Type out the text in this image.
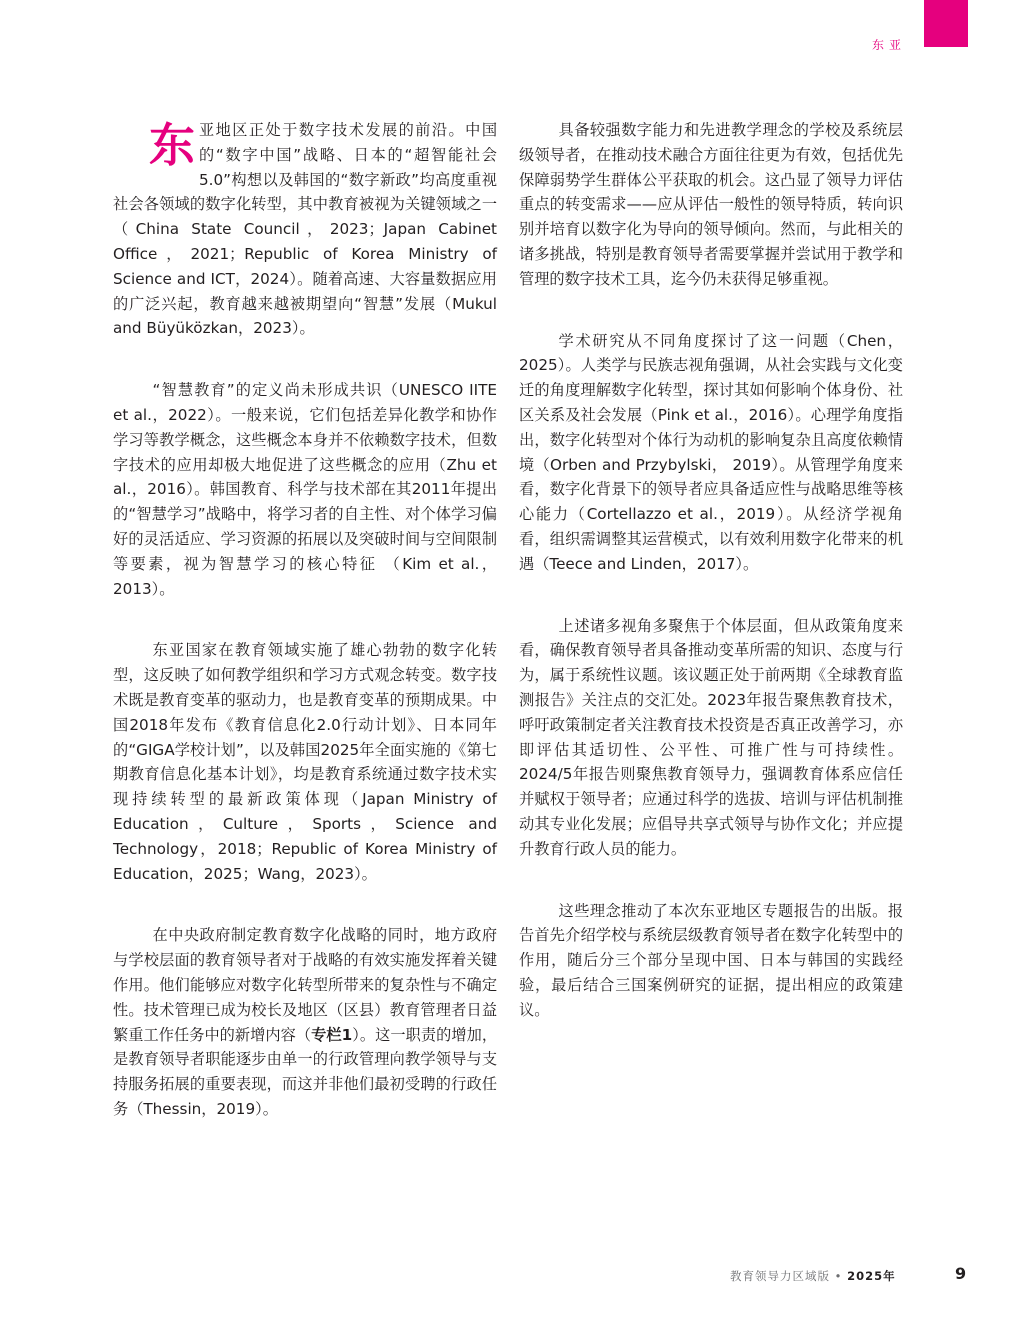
东亚

东亚地区正处于数字技术发展的前沿。中国的“数字中国”战略、日本的“超智能社会5.0”构想以及韩国的“数字新政”均高度重视社会各领域的数字化转型，其中教育被视为关键领域之一（China State Council，2023；Japan Cabinet Office，2021；Republic of Korea Ministry of Science and ICT，2024）。随着高速、大容量数据应用的广泛兴起，教育越来越被期望向“智慧”发展（Mukul and Büyüközkan，2023）。

“智慧教育”的定义尚未形成共识（UNESCO IITE et al.，2022）。一般来说，它们包括差异化教学和协作学习等教学概念，这些概念本身并不依赖数字技术，但数字技术的应用却极大地促进了这些概念的应用（Zhu et al.，2016）。韩国教育、科学与技术部在其2011年提出的“智慧学习”战略中，将学习者的自主性、对个体学习偏好的灵活适应、学习资源的拓展以及突破时间与空间限制等要素，视为智慧学习的核心特征 （Kim et al.，2013）。

东亚国家在教育领域实施了雄心勃勃的数字化转型，这反映了如何教学组织和学习方式观念转变。数字技术既是教育变革的驱动力，也是教育变革的预期成果。中国2018年发布《教育信息化2.0行动计划》、日本同年的“GIGA学校计划”，以及韩国2025年全面实施的《第七期教育信息化基本计划》，均是教育系统通过数字技术实现持续转型的最新政策体现（Japan Ministry of Education，Culture，Sports，Science and Technology，2018；Republic of Korea Ministry of Education，2025；Wang，2023）。

在中央政府制定教育数字化战略的同时，地方政府与学校层面的教育领导者对于战略的有效实施发挥着关键作用。他们能够应对数字化转型所带来的复杂性与不确定性。技术管理已成为校长及地区（区县）教育管理者日益繁重工作任务中的新增内容（专栏1）。这一职责的增加，是教育领导者职能逐步由单一的行政管理向教学领导与支持服务拓展的重要表现，而这并非他们最初受聘的行政任务（Thessin，2019）。

具备较强数字能力和先进教学理念的学校及系统层级领导者，在推动技术融合方面往往更为有效，包括优先保障弱势学生群体公平获取的机会。这凸显了领导力评估重点的转变需求——应从评估一般性的领导特质，转向识别并培育以数字化为导向的领导倾向。然而，与此相关的诸多挑战，特别是教育领导者需要掌握并尝试用于教学和管理的数字技术工具，迄今仍未获得足够重视。

学术研究从不同角度探讨了这一问题（Chen，2025）。人类学与民族志视角强调，从社会实践与文化变迁的角度理解数字化转型，探讨其如何影响个体身份、社区关系及社会发展（Pink et al.，2016）。心理学角度指出，数字化转型对个体行为动机的影响复杂且高度依赖情境（Orben and Przybylski， 2019）。从管理学角度来看，数字化背景下的领导者应具备适应性与战略思维等核心能力（Cortellazzo et al.，2019）。从经济学视角看，组织需调整其运营模式，以有效利用数字化带来的机遇（Teece and Linden，2017）。

上述诸多视角多聚焦于个体层面，但从政策角度来看，确保教育领导者具备推动变革所需的知识、态度与行为，属于系统性议题。该议题正处于前两期《全球教育监测报告》关注点的交汇处。2023年报告聚焦教育技术，呼吁政策制定者关注教育技术投资是否真正改善学习，亦即评估其适切性、公平性、可推广性与可持续性。2024/5年报告则聚焦教育领导力，强调教育体系应信任并赋权于领导者；应通过科学的选拔、培训与评估机制推动其专业化发展；应倡导共享式领导与协作文化；并应提升教育行政人员的能力。

这些理念推动了本次东亚地区专题报告的出版。报告首先介绍学校与系统层级教育领导者在数字化转型中的作用，随后分三个部分呈现中国、日本与韩国的实践经验，最后结合三国案例研究的证据，提出相应的政策建议。

教育领导力区域版 • 2025年	9
